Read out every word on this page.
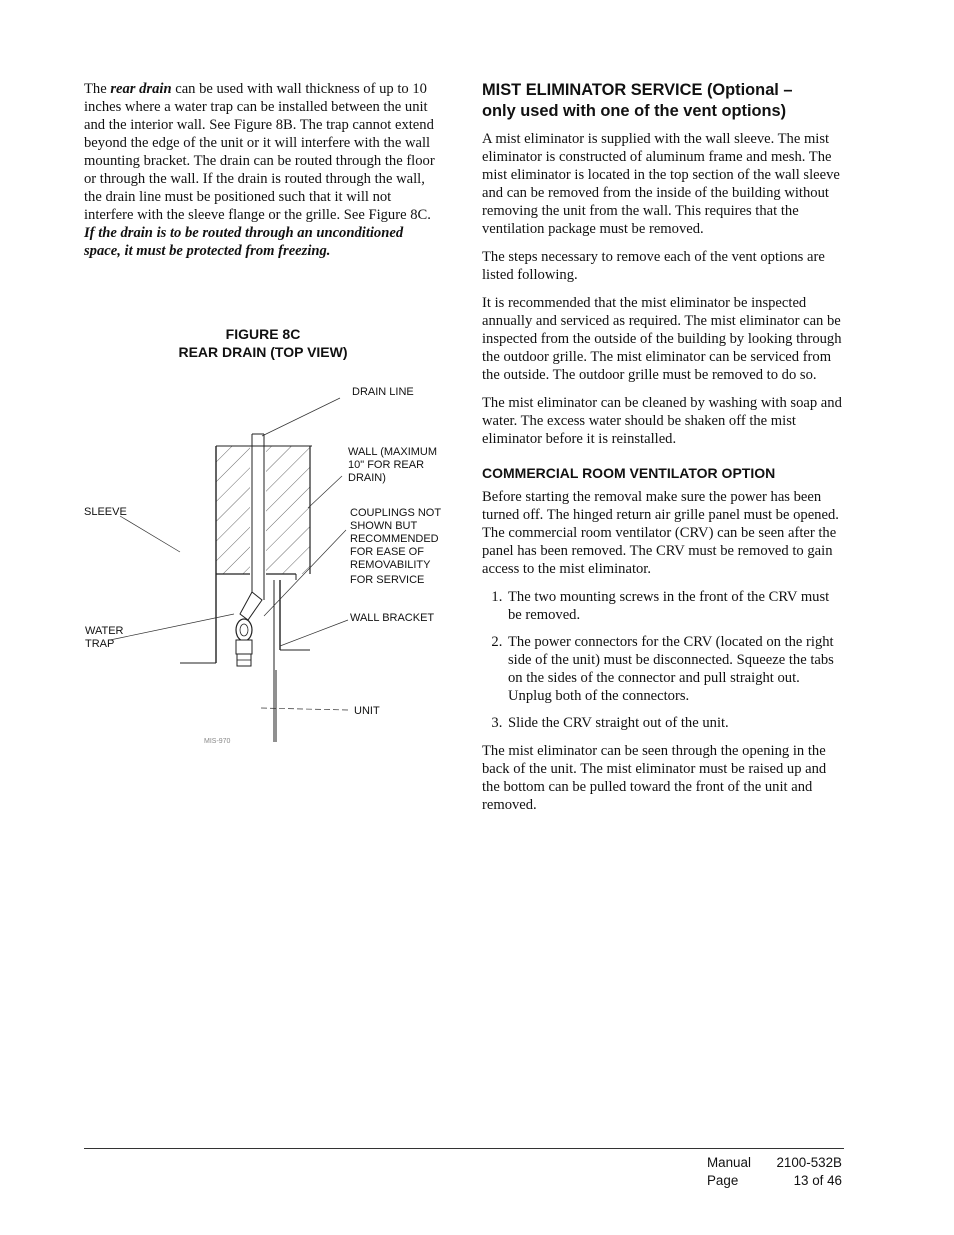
The rear drain can be used with wall thickness of up to 10 inches where a water trap can be installed between the unit and the interior wall. See Figure 8B. The trap cannot extend beyond the edge of the unit or it will interfere with the wall mounting bracket. The drain can be routed through the floor or through the wall. If the drain is routed through the wall, the drain line must be positioned such that it will not interfere with the sleeve flange or the grille. See Figure 8C. If the drain is to be routed through an unconditioned space, it must be protected from freezing.

FIGURE 8C
REAR DRAIN (TOP VIEW)
DRAIN LINE
WALL (MAXIMUM
10" FOR REAR
DRAIN)
SLEEVE	COUPLINGS NOT
SHOWN BUT
RECOMMENDED
FOR EASE OF
REMOVABILITY
FOR SERVICE
WALL BRACKET
WATER
TRAP
UNIT
MIS-970
MIST ELIMINATOR SERVICE (Optional –
only used with one of the vent options)

A mist eliminator is supplied with the wall sleeve. The mist eliminator is constructed of aluminum frame and mesh. The mist eliminator is located in the top section of the wall sleeve and can be removed from the inside of the building without removing the unit from the wall. This requires that the ventilation package must be removed.

The steps necessary to remove each of the vent options are listed following.

It is recommended that the mist eliminator be inspected annually and serviced as required. The mist eliminator can be inspected from the outside of the building by looking through the outdoor grille. The mist eliminator can be serviced from the outside. The outdoor grille must be removed to do so.

The mist eliminator can be cleaned by washing with soap and water. The excess water should be shaken off the mist eliminator before it is reinstalled.

COMMERCIAL ROOM VENTILATOR OPTION

Before starting the removal make sure the power has been turned off. The hinged return air grille panel must be opened. The commercial room ventilator (CRV) can be seen after the panel has been removed. The CRV must be removed to gain access to the mist eliminator.

1. The two mounting screws in the front of the CRV must be removed.
2. The power connectors for the CRV (located on the right side of the unit) must be disconnected. Squeeze the tabs on the sides of the connector and pull straight out. Unplug both of the connectors.
3. Slide the CRV straight out of the unit.

The mist eliminator can be seen through the opening in the back of the unit. The mist eliminator must be raised up and the bottom can be pulled toward the front of the unit and removed.

Manual
Page
2100-532B
13 of 46
